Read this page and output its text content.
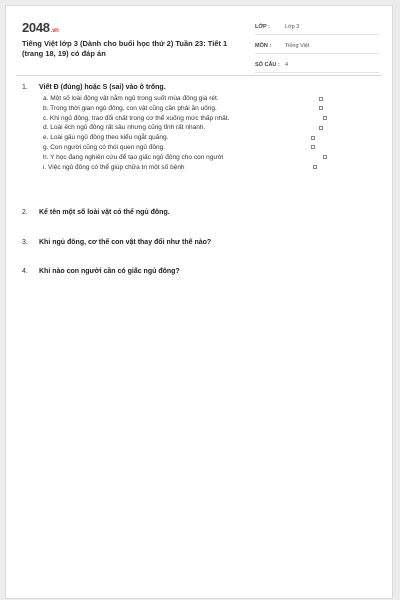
2048.vn
Tiếng Việt lớp 3 (Dành cho buổi học thứ 2) Tuần 23: Tiết 1 (trang 18, 19) có đáp án
LỚP :	Lớp 3
MÔN :	Tiếng Việt
SỐ CÂU : 4
1.	Viết Đ (đúng) hoặc S (sai) vào ô trống.
a. Một số loài động vật nằm ngủ trong suốt mùa đông giá rét.
b. Trong thời gian ngủ đông, con vật cũng cần phải ăn uống.
c. Khi ngủ đông, trao đổi chất trong cơ thể xuống mức thấp nhất.
d. Loài ếch ngủ đông rất sâu nhưng cũng tỉnh rất nhanh.
e. Loài gấu ngủ đông theo kiểu ngắt quãng.
g. Con người cũng có thói quen ngủ đông.
h. Y học đang nghiên cứu để tạo giấc ngủ đông cho con người
i. Việc ngủ đông có thể giúp chữa trị một số bệnh
2.	Kể tên một số loài vật có thể ngủ đông.
3.	Khi ngủ đông, cơ thể con vật thay đổi như thế nào?
4.	Khi nào con người cần có giấc ngủ đông?
